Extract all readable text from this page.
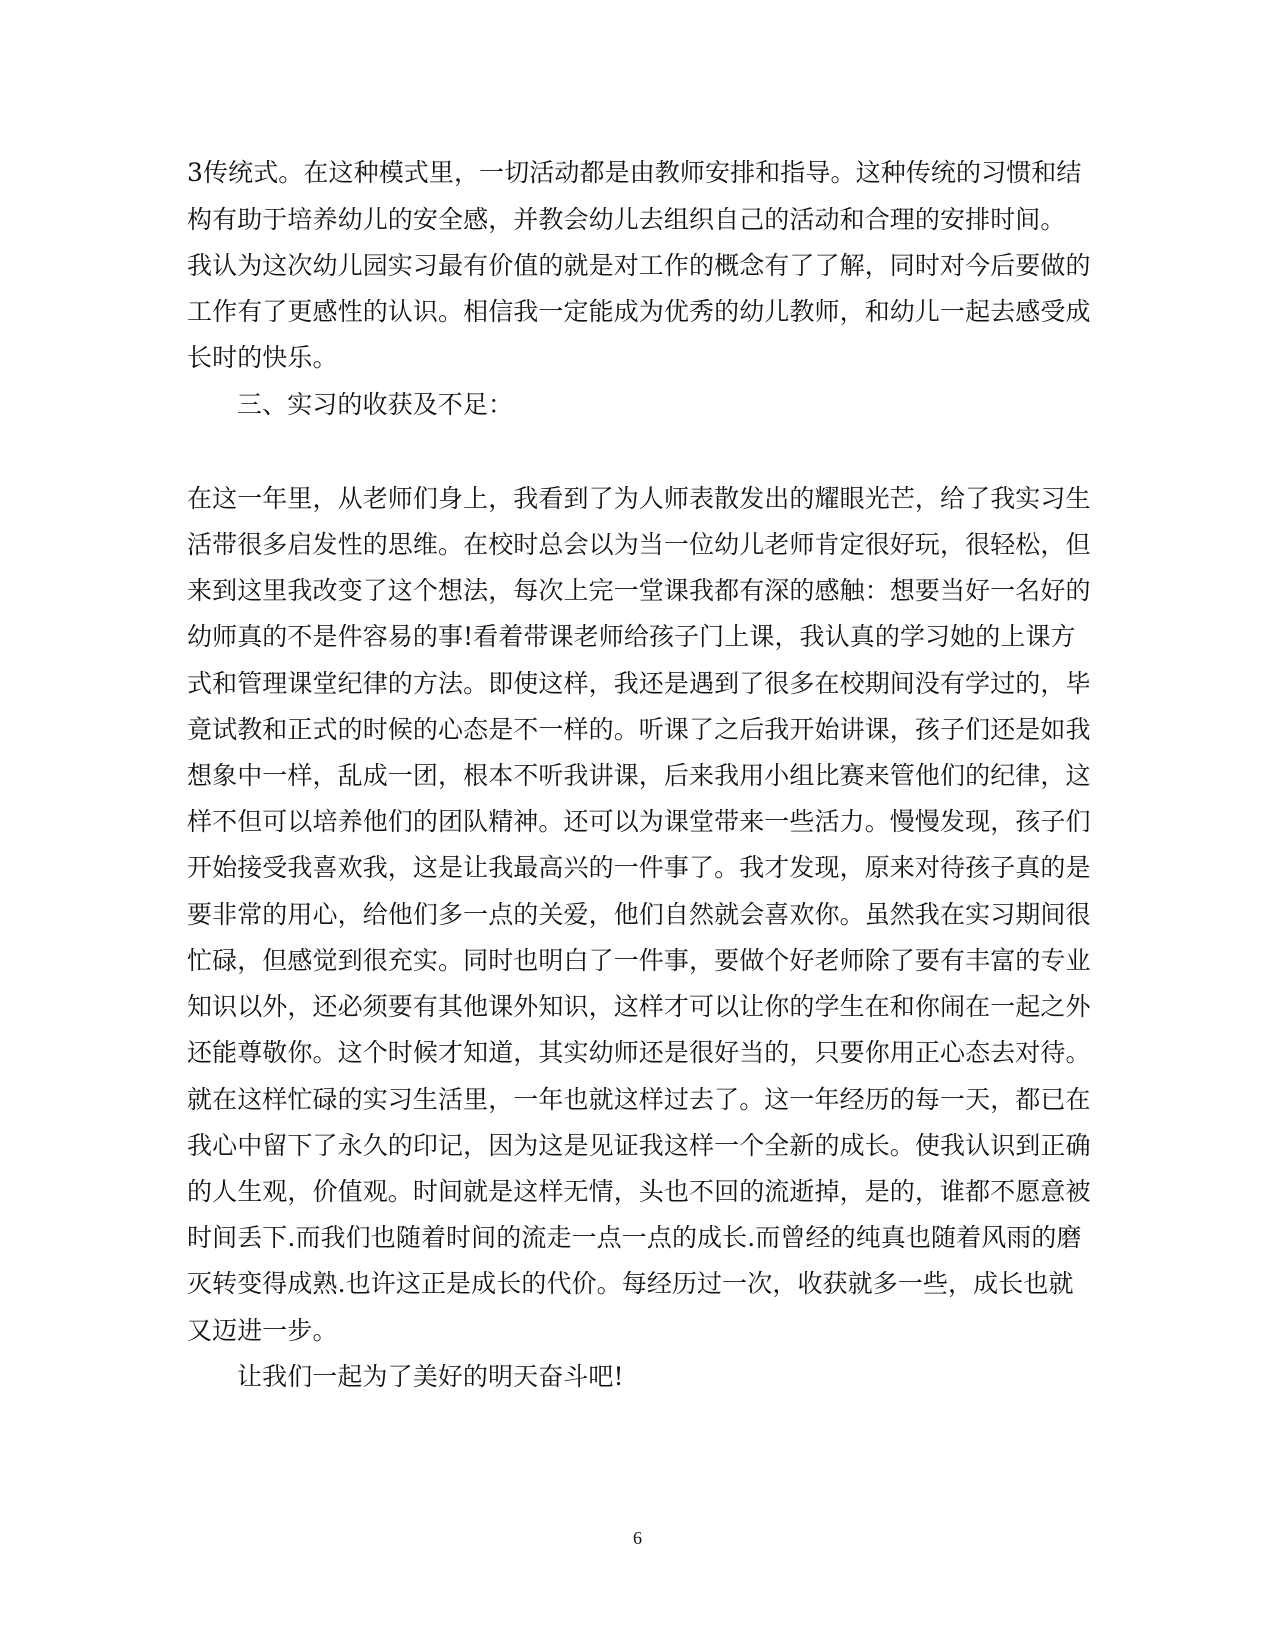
3传统式。在这种模式里，一切活动都是由教师安排和指导。这种传统的习惯和结
构有助于培养幼儿的安全感，并教会幼儿去组织自己的活动和合理的安排时间。
我认为这次幼儿园实习最有价值的就是对工作的概念有了了解，同时对今后要做的
工作有了更感性的认识。相信我一定能成为优秀的幼儿教师，和幼儿一起去感受成
长时的快乐。
三、实习的收获及不足：
在这一年里，从老师们身上，我看到了为人师表散发出的耀眼光芒，给了我实习生
活带很多启发性的思维。在校时总会以为当一位幼儿老师肯定很好玩，很轻松，但
来到这里我改变了这个想法，每次上完一堂课我都有深的感触：想要当好一名好的
幼师真的不是件容易的事!看着带课老师给孩子门上课，我认真的学习她的上课方
式和管理课堂纪律的方法。即使这样，我还是遇到了很多在校期间没有学过的，毕
竟试教和正式的时候的心态是不一样的。听课了之后我开始讲课，孩子们还是如我
想象中一样，乱成一团，根本不听我讲课，后来我用小组比赛来管他们的纪律，这
样不但可以培养他们的团队精神。还可以为课堂带来一些活力。慢慢发现，孩子们
开始接受我喜欢我，这是让我最高兴的一件事了。我才发现，原来对待孩子真的是
要非常的用心，给他们多一点的关爱，他们自然就会喜欢你。虽然我在实习期间很
忙碌，但感觉到很充实。同时也明白了一件事，要做个好老师除了要有丰富的专业
知识以外，还必须要有其他课外知识，这样才可以让你的学生在和你闹在一起之外
还能尊敬你。这个时候才知道，其实幼师还是很好当的，只要你用正心态去对待。
就在这样忙碌的实习生活里，一年也就这样过去了。这一年经历的每一天，都已在
我心中留下了永久的印记，因为这是见证我这样一个全新的成长。使我认识到正确
的人生观，价值观。时间就是这样无情，头也不回的流逝掉，是的，谁都不愿意被
时间丢下.而我们也随着时间的流走一点一点的成长.而曾经的纯真也随着风雨的磨
灭转变得成熟.也许这正是成长的代价。每经历过一次，收获就多一些，成长也就
又迈进一步。
让我们一起为了美好的明天奋斗吧!
6
